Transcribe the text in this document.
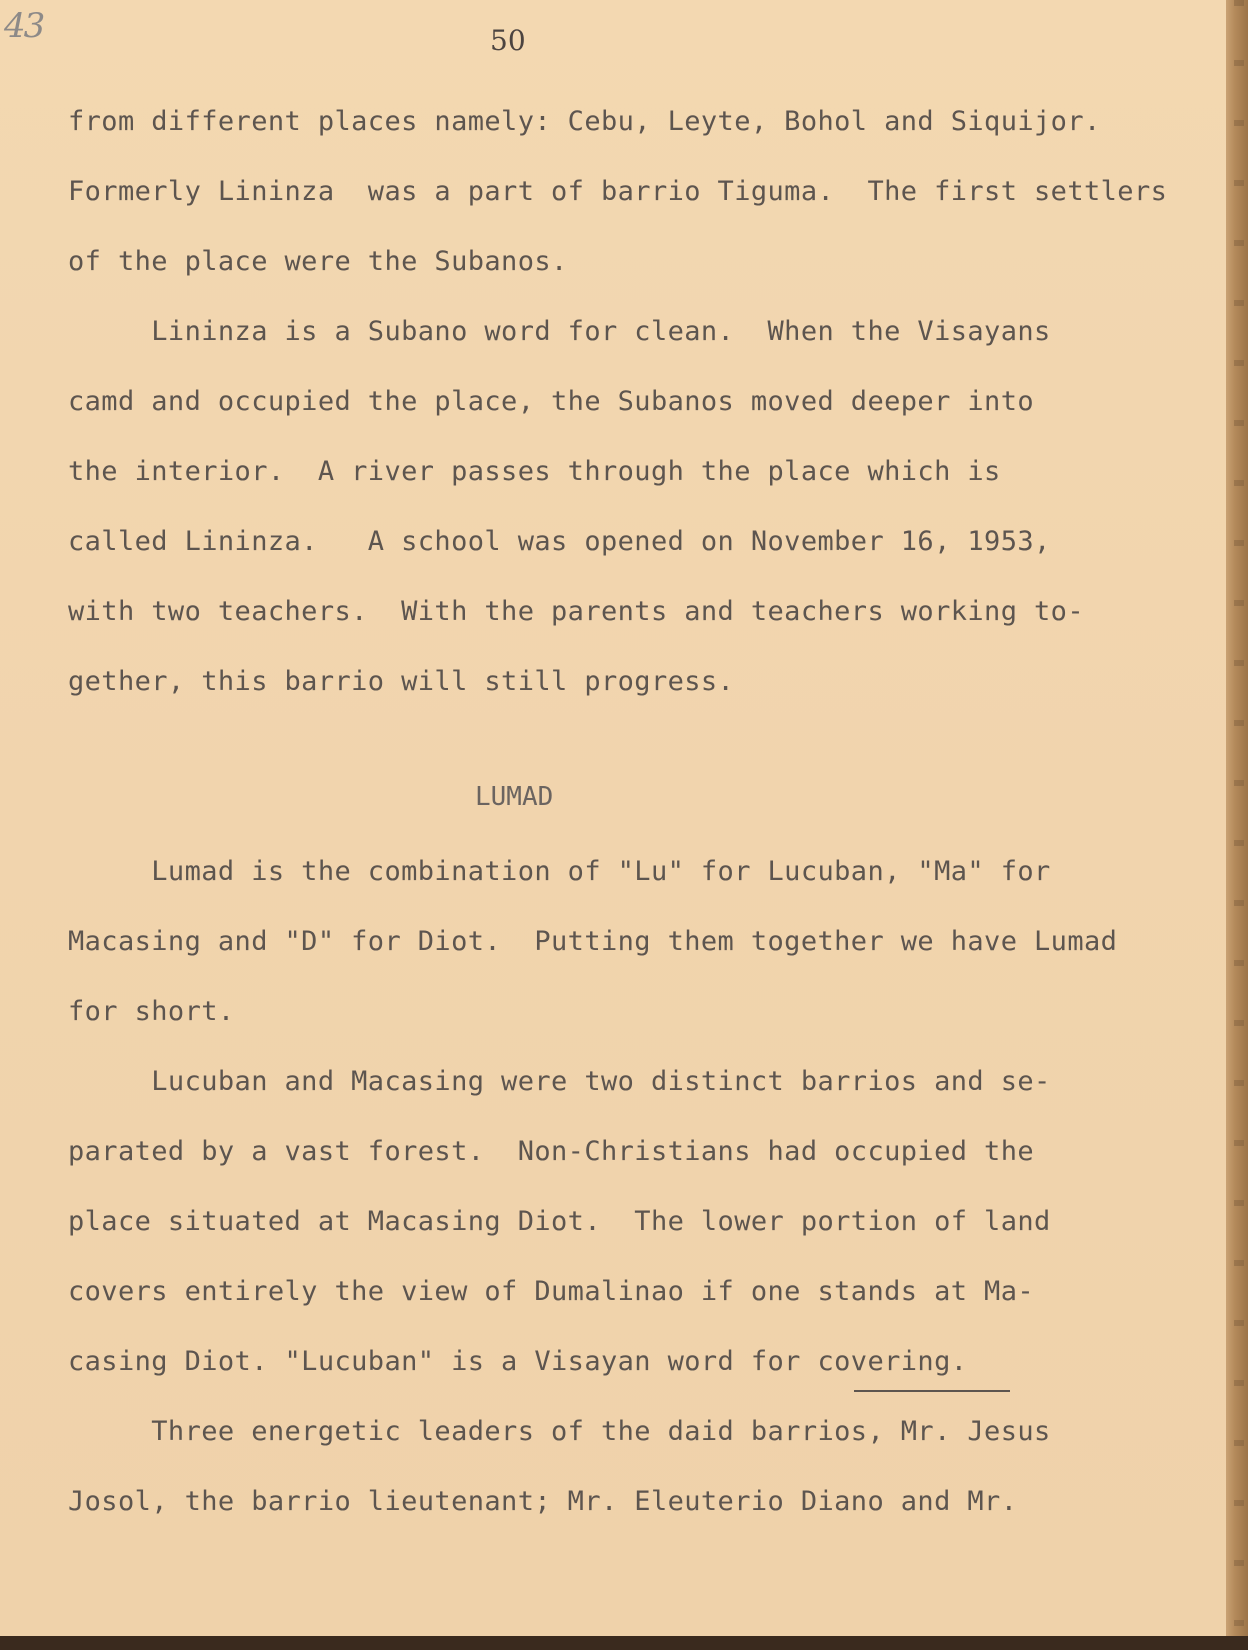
43	50
from different places namely: Cebu, Leyte, Bohol and Siquijor.
Formerly Lininza  was a part of barrio Tiguma.  The first settlers
of the place were the Subanos.
Lininza is a Subano word for clean.  When the Visayans
camd and occupied the place, the Subanos moved deeper into
the interior.  A river passes through the place which is
called Lininza.   A school was opened on November 16, 1953,
with two teachers.  With the parents and teachers working to-
gether, this barrio will still progress.
LUMAD
Lumad is the combination of "Lu" for Lucuban, "Ma" for
Macasing and "D" for Diot.  Putting them together we have Lumad
for short.
Lucuban and Macasing were two distinct barrios and se-
parated by a vast forest.  Non-Christians had occupied the
place situated at Macasing Diot.  The lower portion of land
covers entirely the view of Dumalinao if one stands at Ma-
casing Diot. "Lucuban" is a Visayan word for covering.
Three energetic leaders of the daid barrios, Mr. Jesus
Josol, the barrio lieutenant; Mr. Eleuterio Diano and Mr.
